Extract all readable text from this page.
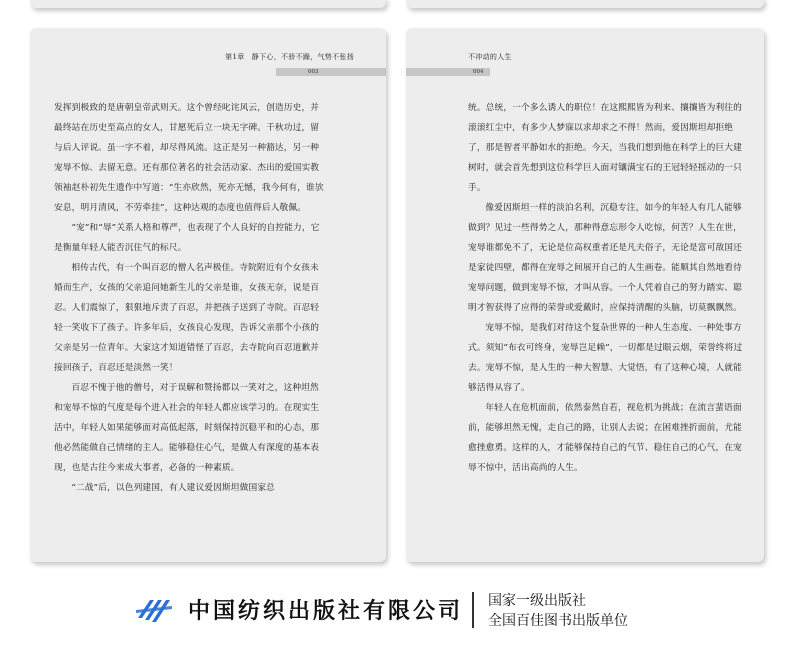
第1章　静下心，不骄不躁，气势不张扬
003

发挥到极致的是唐朝皇帝武则天。这个曾经叱诧风云，创造历史，并最终站在历史至高点的女人，甘愿死后立一块无字碑。千秋功过，留与后人评说。虽一字不着，却尽得风流。这正是另一种豁达，另一种宠辱不惊、去留无意。还有那位著名的社会活动家、杰出的爱国实教领袖赵朴初先生遗作中写道：“生亦欣然，死亦无憾，我今何有，谁欤安息，明月清风，不劳牵挂”，这种达观的态度也值得后人敬佩。

“宠”和“辱”关系人格和尊严，也表现了个人良好的自控能力，它是衡量年轻人能否沉住气的标尺。

相传古代，有一个叫百忍的僧人名声极佳。寺院附近有个女孩未婚而生产，女孩的父亲追问她新生儿的父亲是谁，女孩无奈，说是百忍。人们震惊了，狠狠地斥责了百忍，并把孩子送到了寺院。百忍轻轻一笑收下了孩子。许多年后，女孩良心发现，告诉父亲那个小孩的父亲是另一位青年。大家这才知道错怪了百忍，去寺院向百忍道歉并接回孩子，百忍还是淡然一笑！

百忍不愧于他的僧号，对于误解和赞扬都以一笑对之，这种坦然和宠辱不惊的气度是每个进入社会的年轻人都应该学习的。在现实生活中，年轻人如果能够面对高低起落，时刻保持沉稳平和的心态，那他必然能做自己情绪的主人。能够稳住心气，是做人有深度的基本表现，也是古往今来成大事者，必备的一种素质。

“二战”后，以色列建国，有人建议爱因斯坦做国家总

不冲动的人生
004

统。总统，一个多么诱人的职位！在这熙熙皆为利来、攘攘皆为利往的滚滚红尘中，有多少人梦寐以求却求之不得！然而，爱因斯坦却拒绝了，那是智者平静如水的拒绝。今天，当我们想到他在科学上的巨大建树时，就会首先想到这位科学巨人面对镶满宝石的王冠轻轻摇动的一只手。

像爱因斯坦一样的淡泊名利，沉稳专注，如今的年轻人有几人能够做到？见过一些得势之人，那种得意忘形令人吃惊，何苦？人生在世，宠辱谁都免不了，无论是位高权重者还是凡夫俗子，无论是富可敌国还是家徒四壁，都得在宠辱之间展开自己的人生画卷。能顺其自然地看待宠辱问题，做到宠辱不惊，才叫从容。一个人凭着自己的努力踏实、聪明才智获得了应得的荣誉或爱戴时，应保持清醒的头脑，切莫飘飘然。

宠辱不惊，是我们对待这个复杂世界的一种人生态度、一种处事方式。须知“布衣可终身，宠辱岂足赖”，一切都是过眼云烟，荣誉终将过去。宠辱不惊，是人生的一种大智慧、大觉悟，有了这种心境，人就能够活得从容了。

年轻人在危机面前，依然泰然自若，视危机为挑战；在流言蜚语面前，能够坦然无愧，走自己的路，让别人去说；在困难挫折面前，尤能愈挫愈勇。这样的人，才能够保持自己的气节、稳住自己的心气，在宠辱不惊中，活出高尚的人生。

中国纺织出版社有限公司 国家一级出版社
全国百佳图书出版单位
